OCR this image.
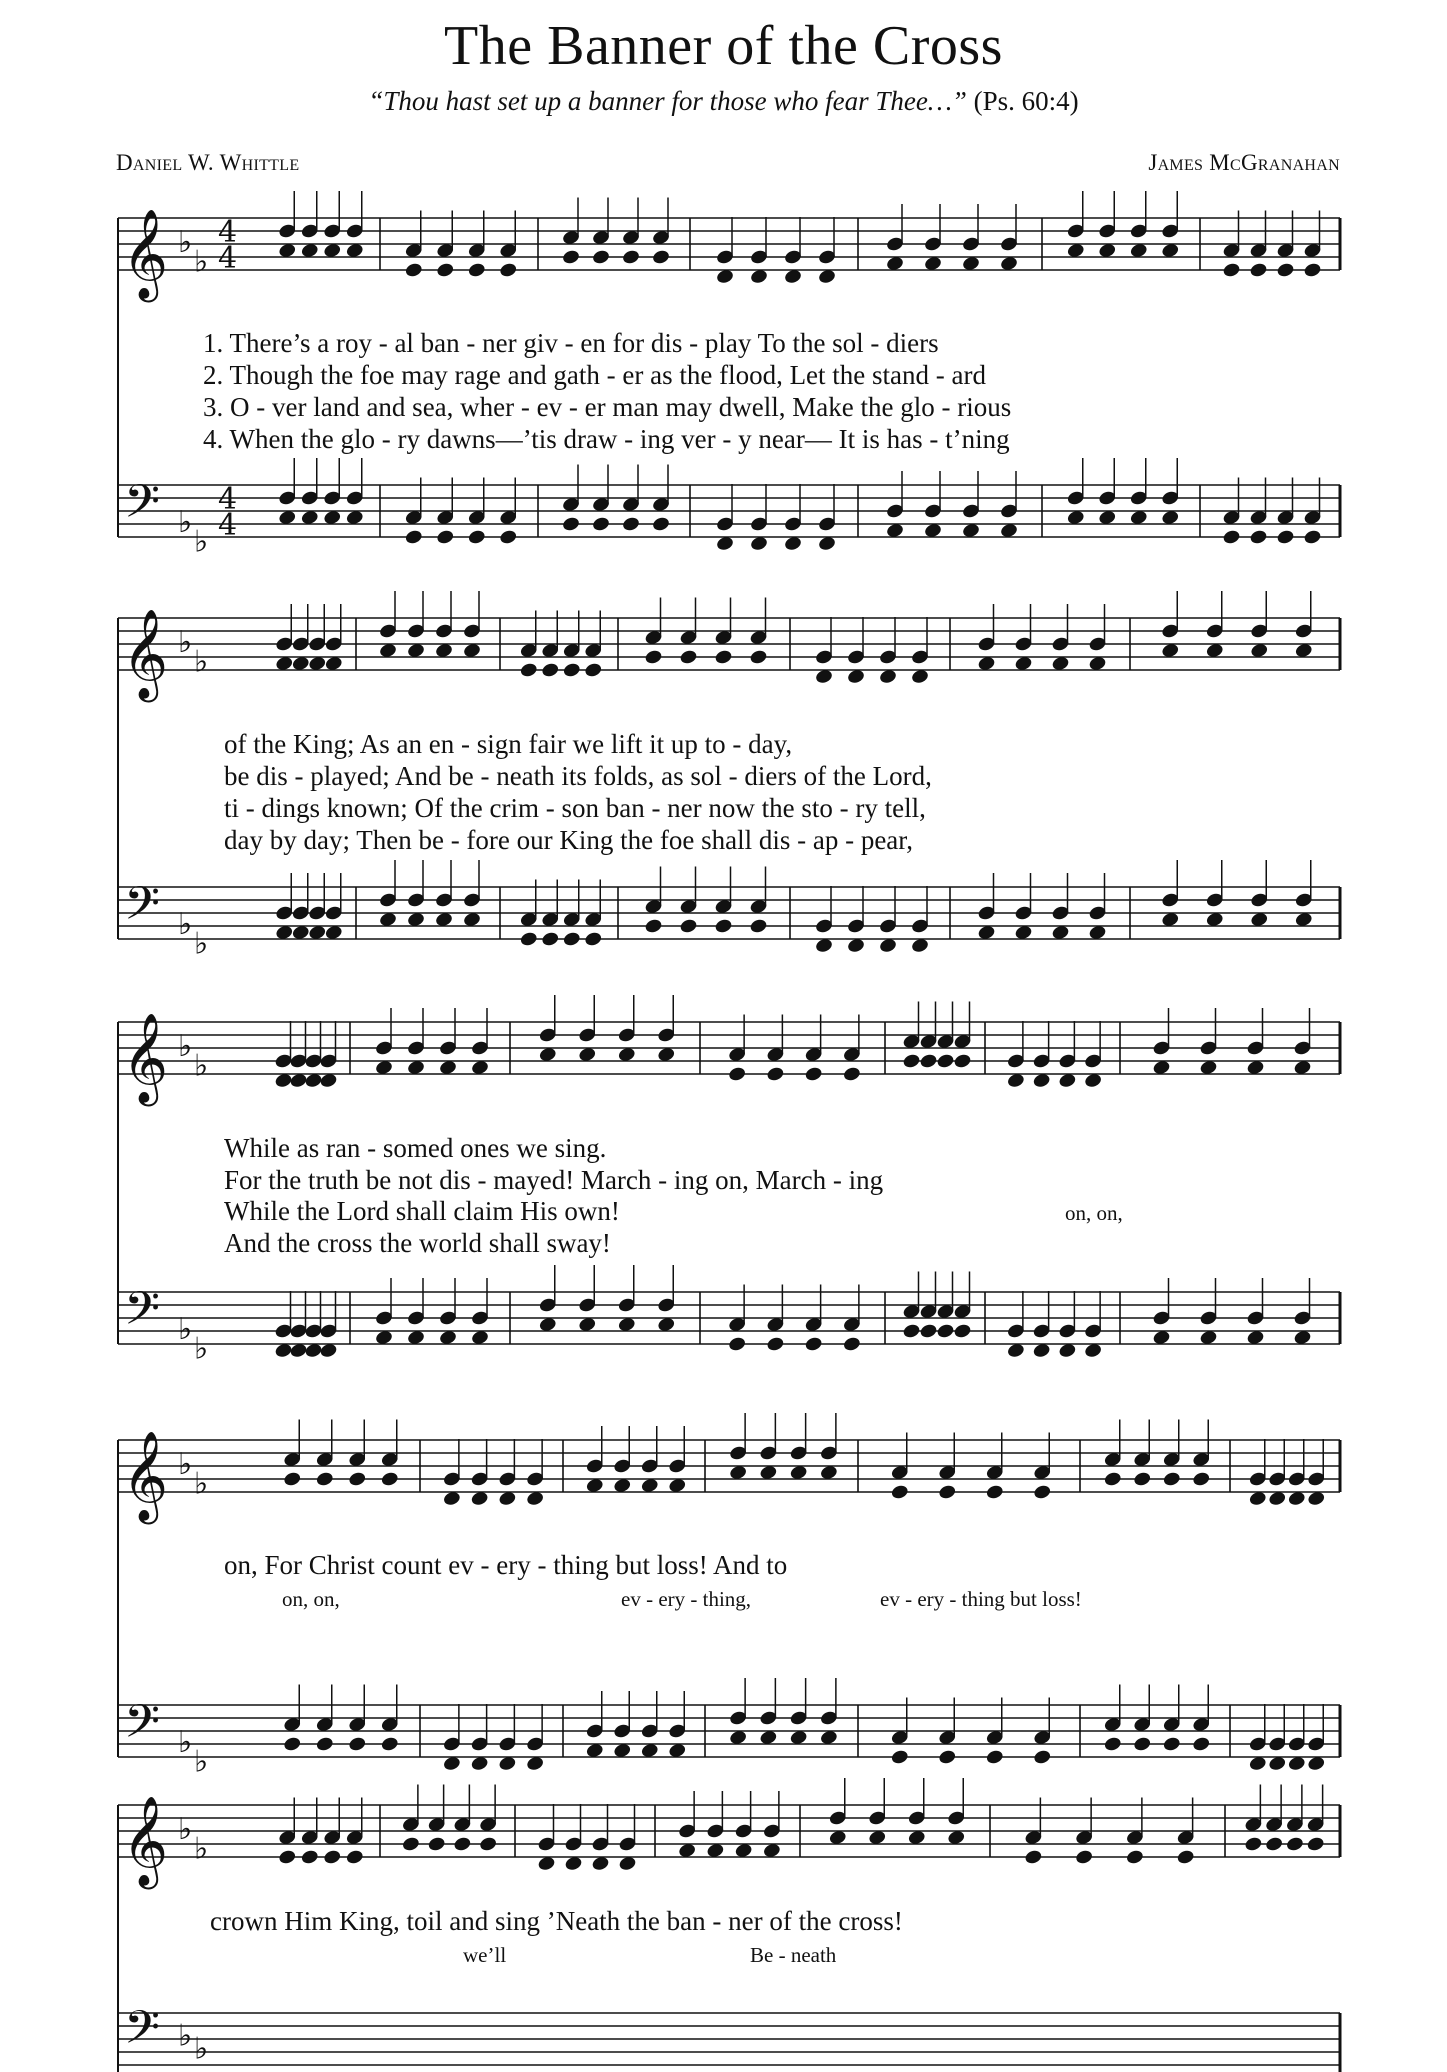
The Banner of the Cross
“Thou hast set up a banner for those who fear Thee…” (Ps. 60:4)
Daniel W. Whittle	James McGranahan
𝄞 ♭
♭
4
4
𝄢 ♭
♭
4
4
𝄞 ♭
♭
𝄢 ♭
♭
𝄞 ♭
♭
𝄢 ♭
♭
𝄞 ♭
♭
𝄢 ♭
♭
𝄞 ♭
♭
𝄢 ♭ ♭
1. There’s a roy - al ban - ner giv - en for dis - play To the sol - diers
2. Though the foe may rage and gath - er as the flood, Let the stand - ard
3. O - ver land and sea, wher - ev - er man may dwell, Make the glo - rious
4. When the glo - ry dawns—’tis draw - ing ver - y near— It is has - t’ning
of the King; As an en - sign fair we lift it up to - day,
be dis - played; And be - neath its folds, as sol - diers of the Lord,
ti - dings known; Of the crim - son ban - ner now the sto - ry tell,
day by day; Then be - fore our King the foe shall dis - ap - pear,
While as ran - somed ones we sing.
For the truth be not dis - mayed! March - ing on, March - ing
on, on,
While the Lord shall claim His own!
And the cross the world shall sway!
on, For Christ count ev - ery - thing but loss! And to
on, on,	ev - ery - thing,	ev - ery - thing but loss!
crown Him King, toil and sing ’Neath the ban - ner of the cross!
we’ll	Be - neath
